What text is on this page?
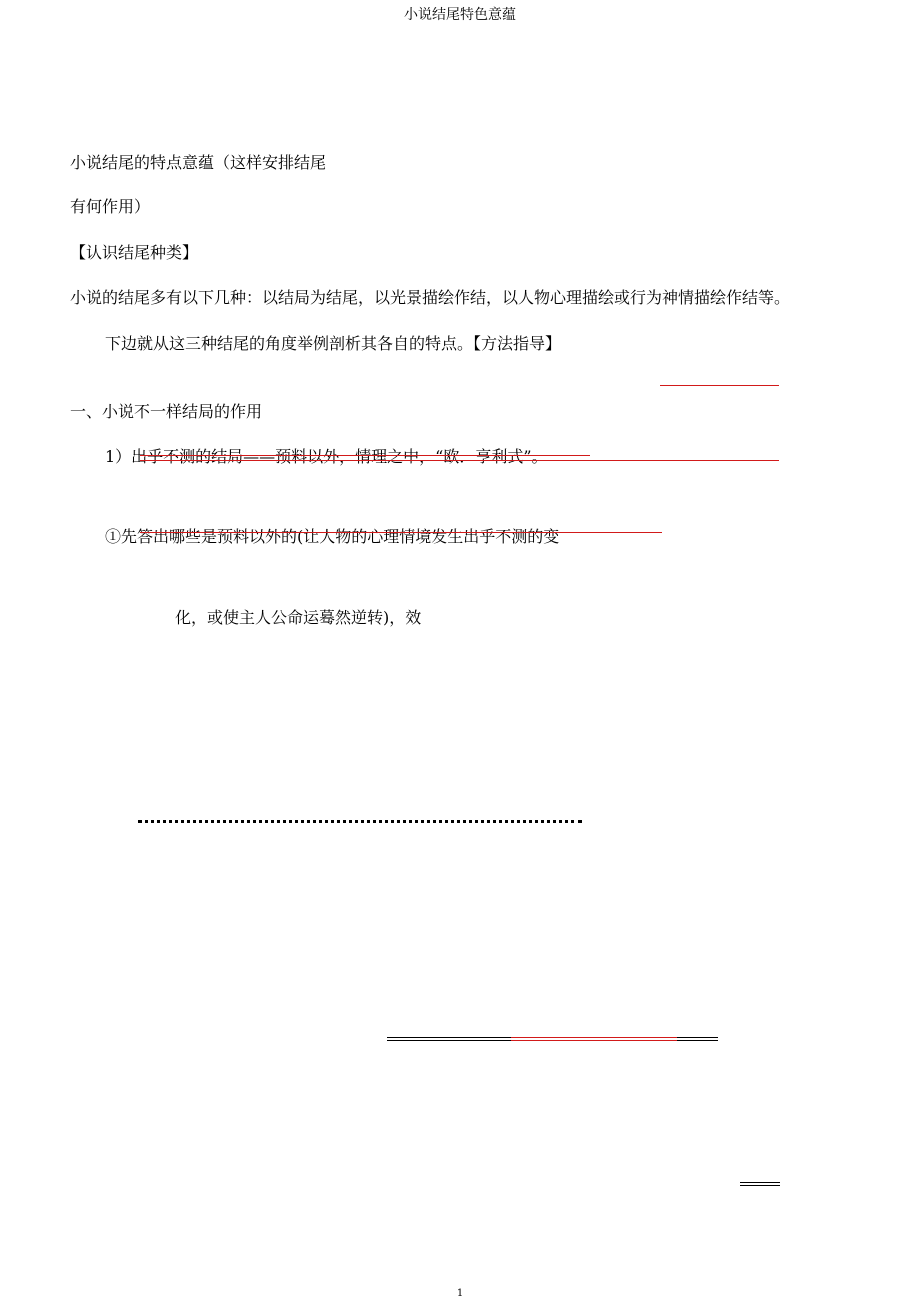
小说结尾特色意蕴
小说结尾的特点意蕴（这样安排结尾
有何作用）
【认识结尾种类】
小说的结尾多有以下几种：以结局为结尾，以光景描绘作结，以人物心理描绘或行为神情描绘作结等。
下边就从这三种结尾的角度举例剖析其各自的特点。【方法指导】
一、小说不一样结局的作用
1）出乎不测的结局——预料以外，情理之中，“欧．亨利式”。
①先答出哪些是预料以外的(让人物的心理情境发生出乎不测的变
化，或使主人公命运蓦然逆转)，效
1
